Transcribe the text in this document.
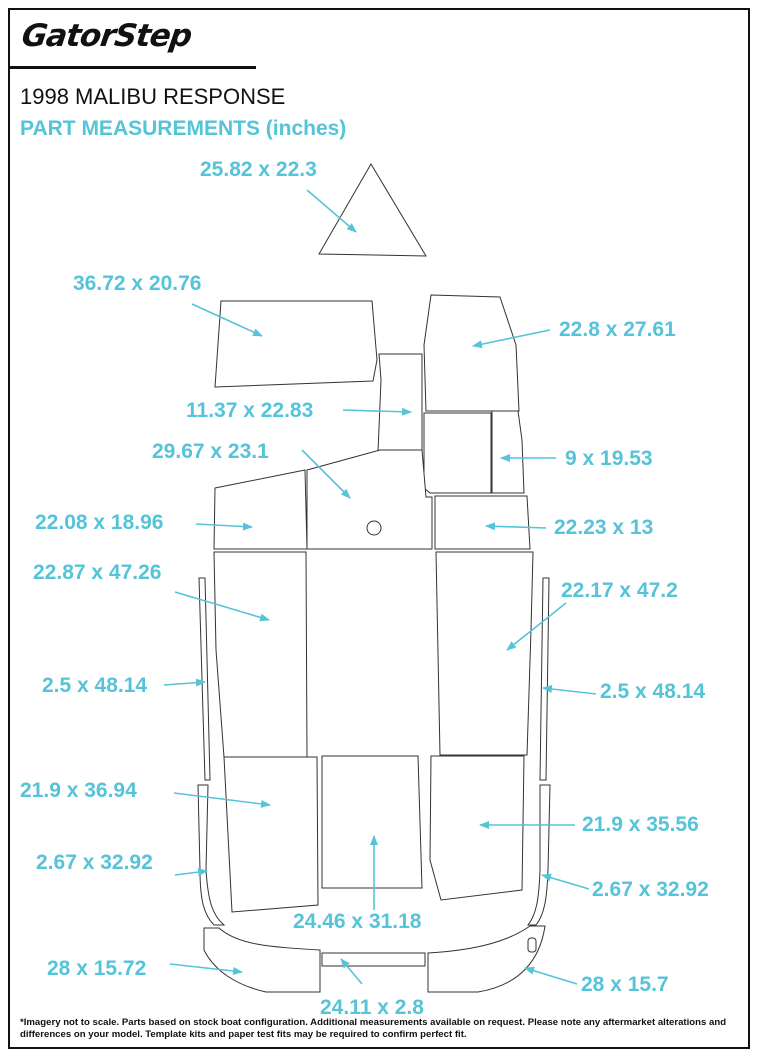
GatorStep
1998 MALIBU RESPONSE
PART MEASUREMENTS (inches)
25.82 x 22.3
36.72 x 20.76
22.8 x 27.61
11.37 x 22.83
9 x 19.53
29.67 x 23.1
22.08 x 18.96	22.23 x 13
22.87 x 47.26
22.17 x 47.2
2.5 x 48.14	2.5 x 48.14
21.9 x 36.94
21.9 x 35.56
2.67 x 32.92
2.67 x 32.92
24.46 x 31.18
28 x 15.72
28 x 15.7
24.11 x 2.8
*Imagery not to scale. Parts based on stock boat configuration. Additional measurements available on request. Please note any aftermarket alterations and differences on your model. Template kits and paper test fits may be required to confirm perfect fit.
